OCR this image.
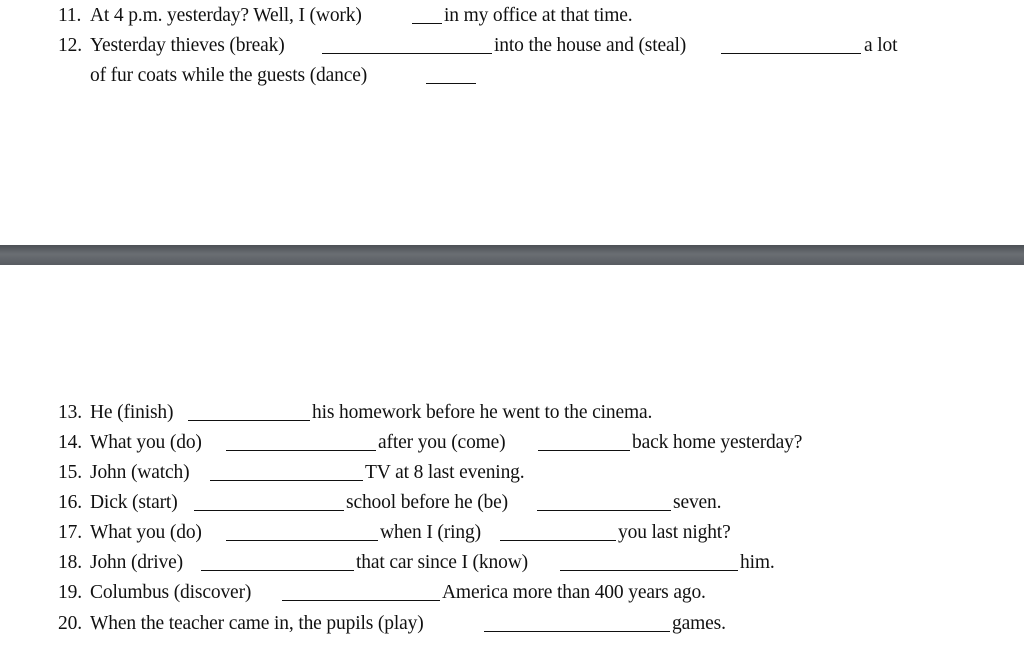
11. At 4 p.m. yesterday? Well, I (work)	in my office at that time.
12. Yesterday thieves (break)	into the house and (steal)	a lot
of fur coats while the guests (dance)
13. He (finish)	his homework before he went to the cinema.
14. What you (do)	after you (come)	back home yesterday?
15. John (watch)	TV at 8 last evening.
16. Dick (start)	school before he (be)	seven.
17. What you (do)	when I (ring)	you last night?
18. John (drive)	that car since I (know)	him.
19. Columbus (discover)	America more than 400 years ago.
20. When the teacher came in, the pupils (play)	games.
